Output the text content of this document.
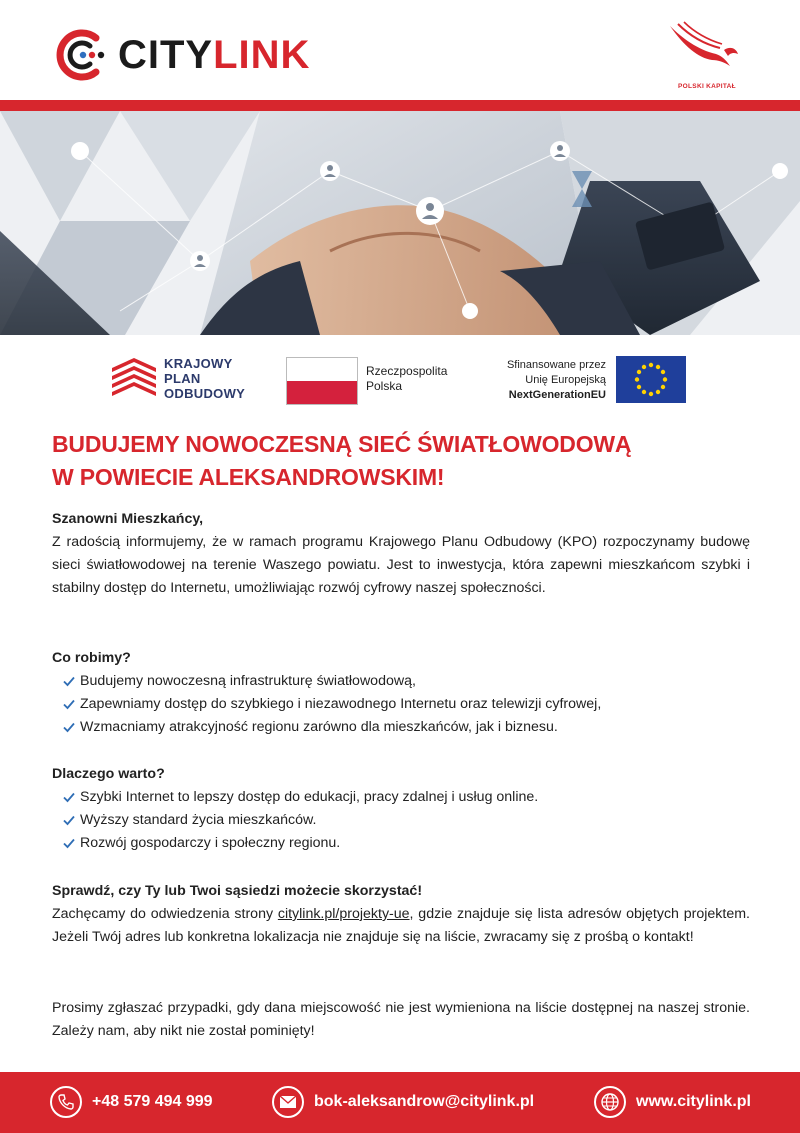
CITYLINK
POLSKI KAPITAŁ
KRAJOWY
PLAN
ODBUDOWY
Rzeczpospolita
Polska
Sfinansowane przez
Unię Europejską
NextGenerationEU
BUDUJEMY NOWOCZESNĄ SIEĆ ŚWIATŁOWODOWĄ
W POWIECIE ALEKSANDROWSKIM!
Szanowni Mieszkańcy,
Z radością informujemy, że w ramach programu Krajowego Planu Odbudowy (KPO) rozpoczynamy budowę sieci światłowodowej na terenie Waszego powiatu. Jest to inwestycja, która zapewni mieszkańcom szybki i stabilny dostęp do Internetu, umożliwiając rozwój cyfrowy naszej społeczności.
Co robimy?
Budujemy nowoczesną infrastrukturę światłowodową,
Zapewniamy dostęp do szybkiego i niezawodnego Internetu oraz telewizji cyfrowej,
Wzmacniamy atrakcyjność regionu zarówno dla mieszkańców, jak i biznesu.
Dlaczego warto?
Szybki Internet to lepszy dostęp do edukacji, pracy zdalnej i usług online.
Wyższy standard życia mieszkańców.
Rozwój gospodarczy i społeczny regionu.
Sprawdź, czy Ty lub Twoi sąsiedzi możecie skorzystać!
Zachęcamy do odwiedzenia strony citylink.pl/projekty-ue, gdzie znajduje się lista adresów objętych projektem. Jeżeli Twój adres lub konkretna lokalizacja nie znajduje się na liście, zwracamy się z prośbą o kontakt!
Prosimy zgłaszać przypadki, gdy dana miejscowość nie jest wymieniona na liście dostępnej na naszej stronie. Zależy nam, aby nikt nie został pominięty!
+48 579 494 999	bok-aleksandrow@citylink.pl	www.citylink.pl
